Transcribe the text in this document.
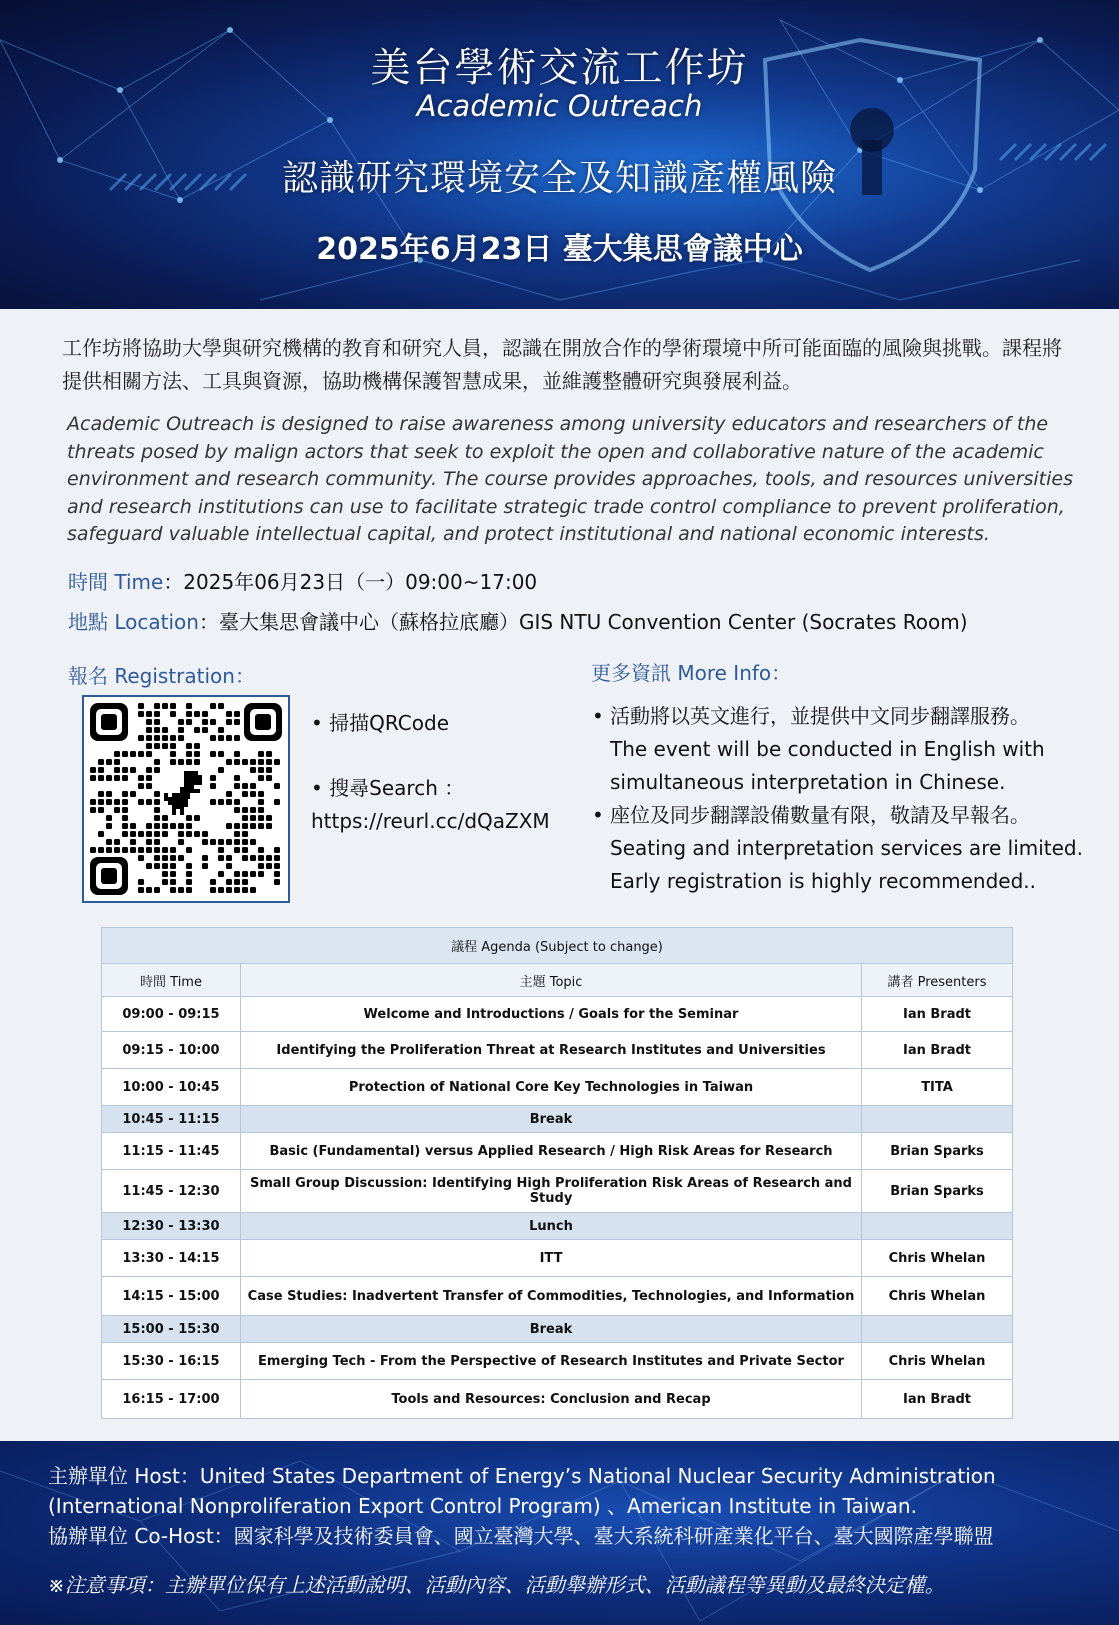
美台學術交流工作坊
Academic Outreach
認識研究環境安全及知識產權風險
2025年6月23日 臺大集思會議中心
工作坊將協助大學與研究機構的教育和研究人員，認識在開放合作的學術環境中所可能面臨的風險與挑戰。課程將提供相關方法、工具與資源，協助機構保護智慧成果，並維護整體研究與發展利益。
Academic Outreach is designed to raise awareness among university educators and researchers of the threats posed by malign actors that seek to exploit the open and collaborative nature of the academic environment and research community. The course provides approaches, tools, and resources universities and research institutions can use to facilitate strategic trade control compliance to prevent proliferation, safeguard valuable intellectual capital, and protect institutional and national economic interests.
時間 Time：2025年06月23日（一）09:00~17:00
地點 Location：臺大集思會議中心（蘇格拉底廳）GIS NTU Convention Center (Socrates Room)
報名 Registration：
• 掃描QRCode
• 搜尋Search ：
https://reurl.cc/dQaZXM
更多資訊 More Info：
• 活動將以英文進行，並提供中文同步翻譯服務。
The event will be conducted in English with simultaneous interpretation in Chinese.
• 座位及同步翻譯設備數量有限，敬請及早報名。
Seating and interpretation services are limited. Early registration is highly recommended..
議程 Agenda (Subject to change)		
時間 Time	主題 Topic	講者 Presenters
09:00 - 09:15	Welcome and Introductions / Goals for the Seminar	Ian Bradt
09:15 - 10:00	Identifying the Proliferation Threat at Research Institutes and Universities	Ian Bradt
10:00 - 10:45	Protection of National Core Key Technologies in Taiwan	TITA
10:45 - 11:15	Break	
11:15 - 11:45	Basic (Fundamental) versus Applied Research / High Risk Areas for Research	Brian Sparks
11:45 - 12:30	Small Group Discussion: Identifying High Proliferation Risk Areas of Research and Study	Brian Sparks
12:30 - 13:30	Lunch	
13:30 - 14:15	ITT	Chris Whelan
14:15 - 15:00	Case Studies: Inadvertent Transfer of Commodities, Technologies, and Information	Chris Whelan
15:00 - 15:30	Break	
15:30 - 16:15	Emerging Tech - From the Perspective of Research Institutes and Private Sector	Chris Whelan
16:15 - 17:00	Tools and Resources: Conclusion and Recap	Ian Bradt
主辦單位 Host：United States Department of Energy’s National Nuclear Security Administration (International Nonproliferation Export Control Program) 、American Institute in Taiwan.
協辦單位 Co-Host：國家科學及技術委員會、國立臺灣大學、臺大系統科研產業化平台、臺大國際產學聯盟
※注意事項：主辦單位保有上述活動說明、活動內容、活動舉辦形式、活動議程等異動及最終決定權。
